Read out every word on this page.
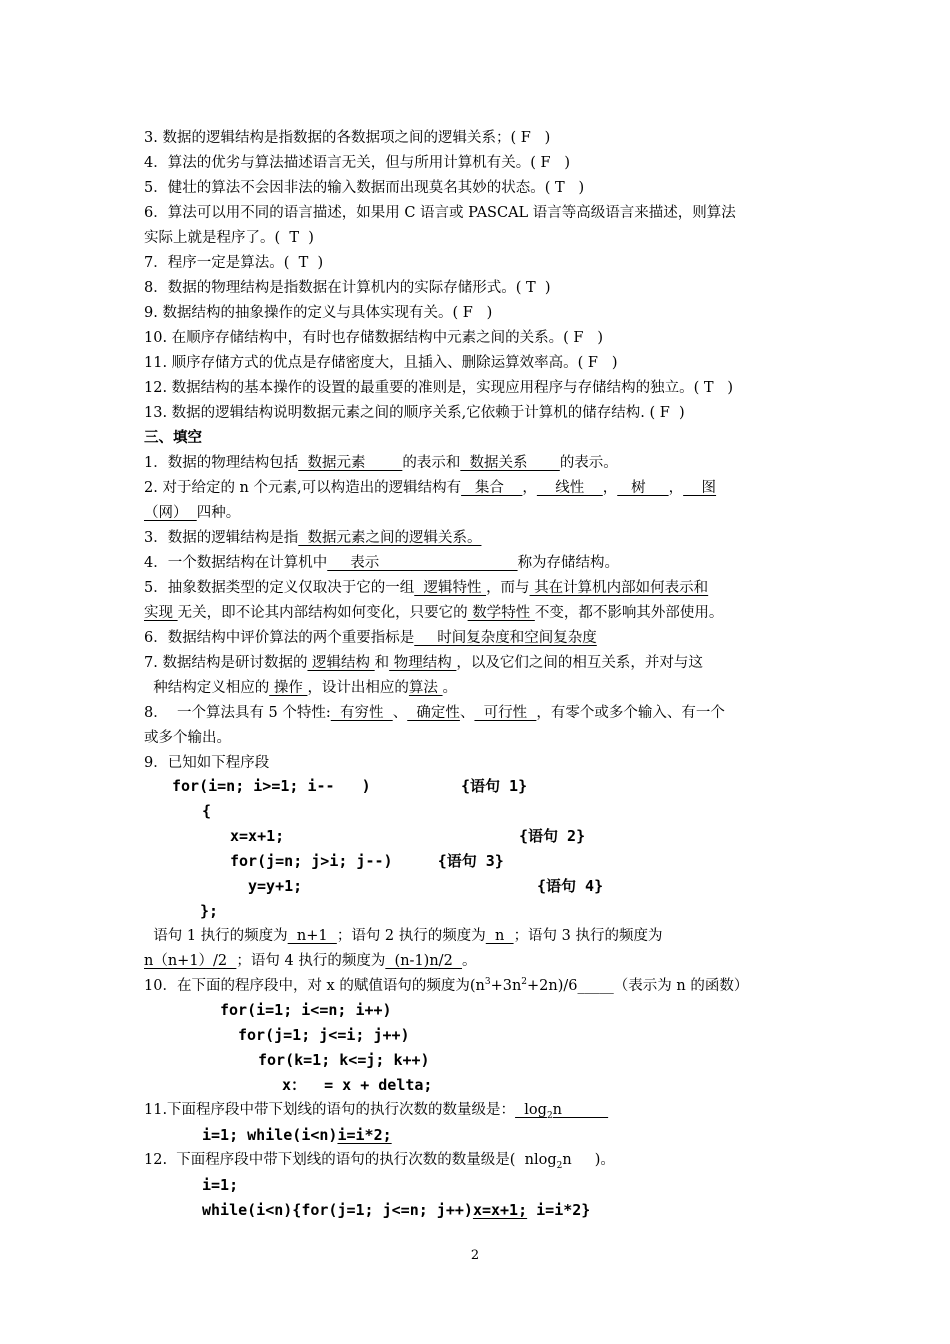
3. 数据的逻辑结构是指数据的各数据项之间的逻辑关系；( F   )
4．算法的优劣与算法描述语言无关，但与所用计算机有关。( F   )
5．健壮的算法不会因非法的输入数据而出现莫名其妙的状态。( T   )
6．算法可以用不同的语言描述，如果用 C 语言或 PASCAL 语言等高级语言来描述，则算法
实际上就是程序了。(  T  )
7．程序一定是算法。(  T  )
8．数据的物理结构是指数据在计算机内的实际存储形式。( T  )
9. 数据结构的抽象操作的定义与具体实现有关。( F   )
10. 在顺序存储结构中，有时也存储数据结构中元素之间的关系。( F   )
11. 顺序存储方式的优点是存储密度大，且插入、删除运算效率高。( F   )
12. 数据结构的基本操作的设置的最重要的准则是，实现应用程序与存储结构的独立。( T   )
13. 数据的逻辑结构说明数据元素之间的顺序关系,它依赖于计算机的储存结构. ( F  )
三、填空
1．数据的物理结构包括  数据元素        的表示和  数据关系       的表示。
2. 对于给定的 n 个元素,可以构造出的逻辑结构有   集合    ，    线性    ，   树     ，    图
（网）  四种。
3．数据的逻辑结构是指  数据元素之间的逻辑关系。
4．一个数据结构在计算机中     表示                              称为存储结构。
5．抽象数据类型的定义仅取决于它的一组  逻辑特性 ，而与 其在计算机内部如何表示和
实现 无关，即不论其内部结构如何变化，只要它的 数学特性 不变，都不影响其外部使用。
6．数据结构中评价算法的两个重要指标是     时间复杂度和空间复杂度
7. 数据结构是研讨数据的 逻辑结构 和 物理结构 ，以及它们之间的相互关系，并对与这
种结构定义相应的 操作 ，设计出相应的算法 。
8．  一个算法具有 5 个特性:  有穷性  、  确定性、  可行性  ，有零个或多个输入、有一个
或多个输出。
9．已知如下程序段
for(i=n; i>=1; i--   )          {语句 1}
{
x=x+1;                          {语句 2}
for(j=n; j>i; j--)     {语句 3}
y=y+1;                          {语句 4}
};
语句 1 执行的频度为  n+1  ；语句 2 执行的频度为  n  ；语句 3 执行的频度为
n（n+1）/2  ；语句 4 执行的频度为  (n-1)n/2  。
10．在下面的程序段中，对 x 的赋值语句的频度为$(n^3+3n^2+2n)/6\_\_\_\_\_$（表示为 n 的函数）
for(i=1; i<=n; i++)
for(j=1; j<=i; j++)
for(k=1; k<=j; k++)
x：  = x + delta;
11.下面程序段中带下划线的语句的执行次数的数量级是：  $\log_2n$
i=1; while(i<n)i=i*2;
12.  下面程序段中带下划线的语句的执行次数的数量级是(  nlog$_2$n     )。
i=1;
while(i<n){for(j=1; j<=n; j++)x=x+1; i=i*2}
2
